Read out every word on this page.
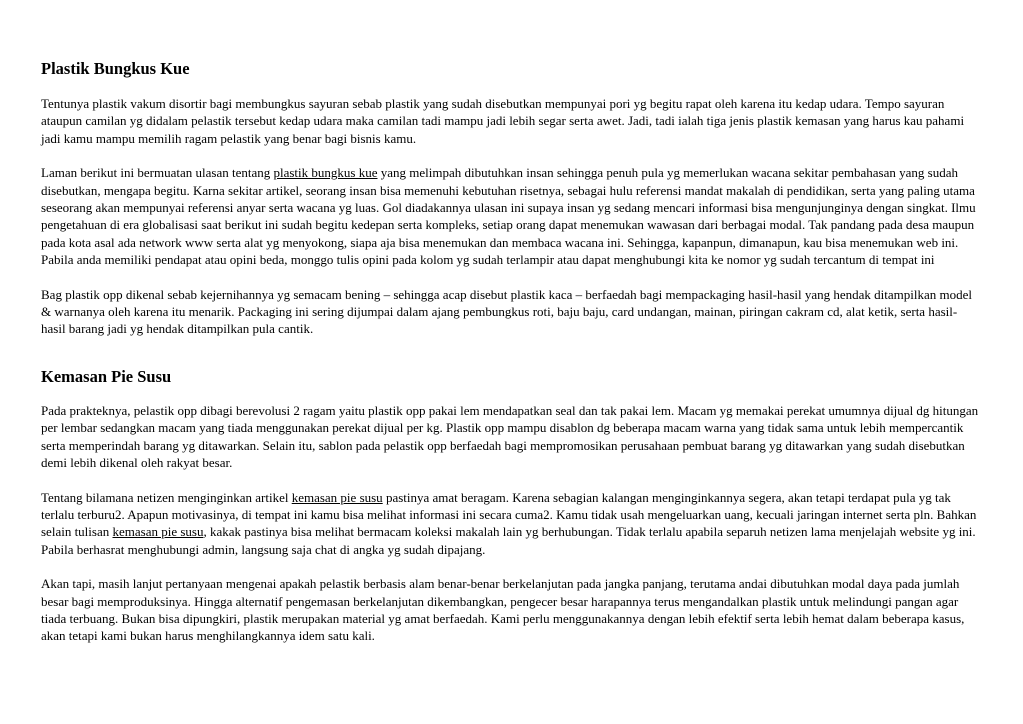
Plastik Bungkus Kue

Tentunya plastik vakum disortir bagi membungkus sayuran sebab plastik yang sudah disebutkan mempunyai pori yg begitu rapat oleh karena itu kedap udara. Tempo sayuran ataupun camilan yg didalam pelastik tersebut kedap udara maka camilan tadi mampu jadi lebih segar serta awet. Jadi, tadi ialah tiga jenis plastik kemasan yang harus kau pahami jadi kamu mampu memilih ragam pelastik yang benar bagi bisnis kamu.

Laman berikut ini bermuatan ulasan tentang plastik bungkus kue yang melimpah dibutuhkan insan sehingga penuh pula yg memerlukan wacana sekitar pembahasan yang sudah disebutkan, mengapa begitu. Karna sekitar artikel, seorang insan bisa memenuhi kebutuhan risetnya, sebagai hulu referensi mandat makalah di pendidikan, serta yang paling utama seseorang akan mempunyai referensi anyar serta wacana yg luas. Gol diadakannya ulasan ini supaya insan yg sedang mencari informasi bisa mengunjunginya dengan singkat. Ilmu pengetahuan di era globalisasi saat berikut ini sudah begitu kedepan serta kompleks, setiap orang dapat menemukan wawasan dari berbagai modal. Tak pandang pada desa maupun pada kota asal ada network www serta alat yg menyokong, siapa aja bisa menemukan dan membaca wacana ini. Sehingga, kapanpun, dimanapun, kau bisa menemukan web ini. Pabila anda memiliki pendapat atau opini beda, monggo tulis opini pada kolom yg sudah terlampir atau dapat menghubungi kita ke nomor yg sudah tercantum di tempat ini

Bag plastik opp dikenal sebab kejernihannya yg semacam bening – sehingga acap disebut plastik kaca – berfaedah bagi mempackaging hasil-hasil yang hendak ditampilkan model & warnanya oleh karena itu menarik. Packaging ini sering dijumpai dalam ajang pembungkus roti, baju baju, card undangan, mainan, piringan cakram cd, alat ketik, serta hasil-hasil barang jadi yg hendak ditampilkan pula cantik.

Kemasan Pie Susu

Pada prakteknya, pelastik opp dibagi berevolusi 2 ragam yaitu plastik opp pakai lem mendapatkan seal dan tak pakai lem. Macam yg memakai perekat umumnya dijual dg hitungan per lembar sedangkan macam yang tiada menggunakan perekat dijual per kg. Plastik opp mampu disablon dg beberapa macam warna yang tidak sama untuk lebih mempercantik serta memperindah barang yg ditawarkan. Selain itu, sablon pada pelastik opp berfaedah bagi mempromosikan perusahaan pembuat barang yg ditawarkan yang sudah disebutkan demi lebih dikenal oleh rakyat besar.

Tentang bilamana netizen menginginkan artikel kemasan pie susu pastinya amat beragam. Karena sebagian kalangan menginginkannya segera, akan tetapi terdapat pula yg tak terlalu terburu2. Apapun motivasinya, di tempat ini kamu bisa melihat informasi ini secara cuma2. Kamu tidak usah mengeluarkan uang, kecuali jaringan internet serta pln. Bahkan selain tulisan kemasan pie susu, kakak pastinya bisa melihat bermacam koleksi makalah lain yg berhubungan. Tidak terlalu apabila separuh netizen lama menjelajah website yg ini. Pabila berhasrat menghubungi admin, langsung saja chat di angka yg sudah dipajang.

Akan tapi, masih lanjut pertanyaan mengenai apakah pelastik berbasis alam benar-benar berkelanjutan pada jangka panjang, terutama andai dibutuhkan modal daya pada jumlah besar bagi memproduksinya. Hingga alternatif pengemasan berkelanjutan dikembangkan, pengecer besar harapannya terus mengandalkan plastik untuk melindungi pangan agar tiada terbuang. Bukan bisa dipungkiri, plastik merupakan material yg amat berfaedah. Kami perlu menggunakannya dengan lebih efektif serta lebih hemat dalam beberapa kasus, akan tetapi kami bukan harus menghilangkannya idem satu kali.
